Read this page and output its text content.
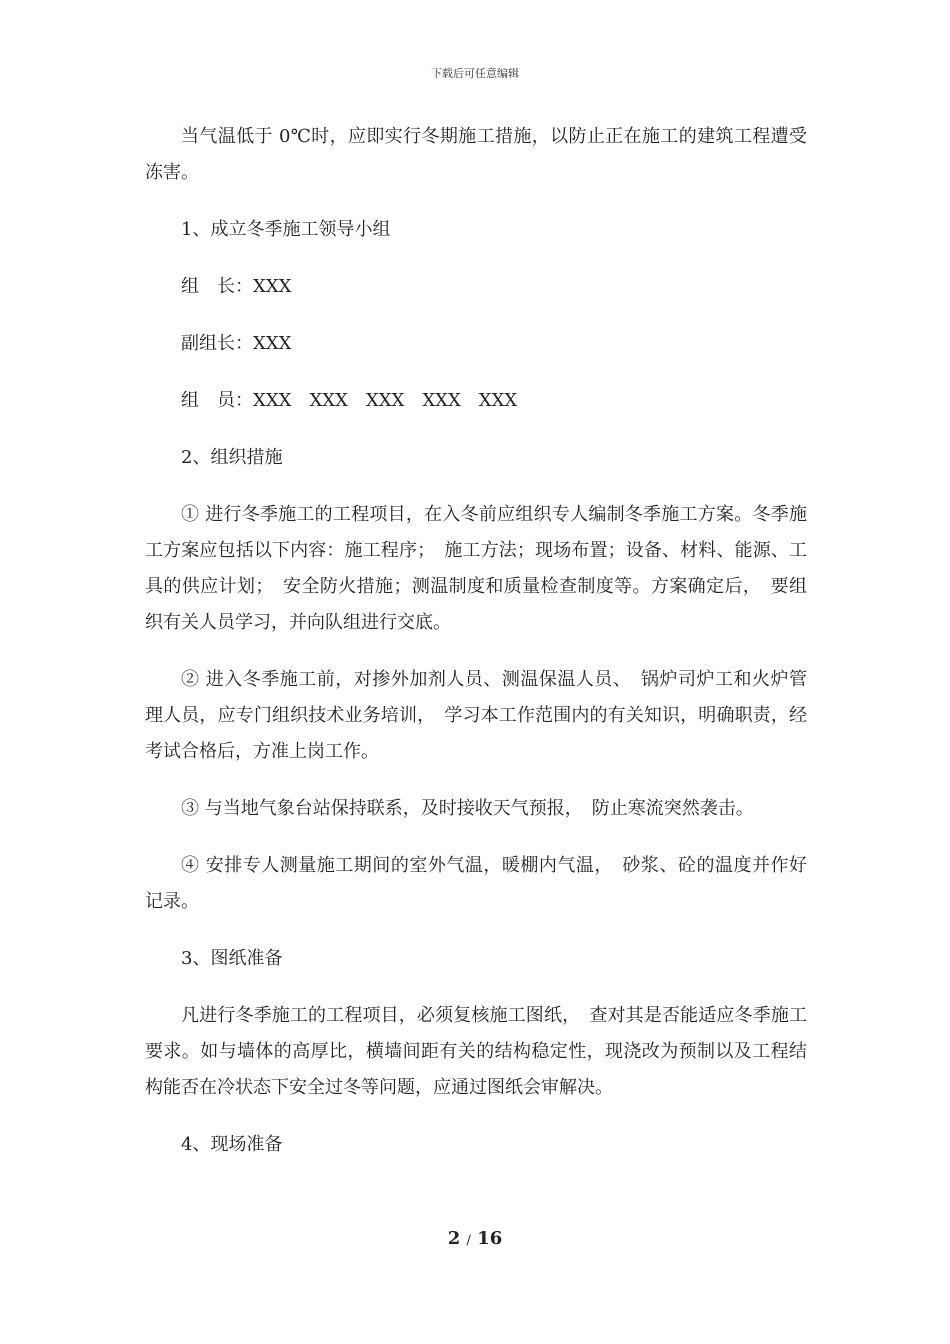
下载后可任意编辑

当气温低于 0℃时，应即实行冬期施工措施，以防止正在施工的建筑工程遭受冻害。

1、成立冬季施工领导小组

组　长：XXX

副组长：XXX

组　员：XXX　XXX　XXX　XXX　XXX

2、组织措施

① 进行冬季施工的工程项目，在入冬前应组织专人编制冬季施工方案。冬季施工方案应包括以下内容：施工程序；　施工方法；现场布置；设备、材料、能源、工具的供应计划；　安全防火措施；测温制度和质量检查制度等。方案确定后，　要组织有关人员学习，并向队组进行交底。

② 进入冬季施工前，对掺外加剂人员、测温保温人员、　锅炉司炉工和火炉管理人员，应专门组织技术业务培训，　学习本工作范围内的有关知识，明确职责，经考试合格后，方准上岗工作。

③ 与当地气象台站保持联系，及时接收天气预报，　防止寒流突然袭击。

④ 安排专人测量施工期间的室外气温，暖棚内气温，　砂浆、砼的温度并作好记录。

3、图纸准备

凡进行冬季施工的工程项目，必须复核施工图纸，　查对其是否能适应冬季施工要求。如与墙体的高厚比，横墙间距有关的结构稳定性，现浇改为预制以及工程结构能否在冷状态下安全过冬等问题，应通过图纸会审解决。

4、现场准备

2 / 16
